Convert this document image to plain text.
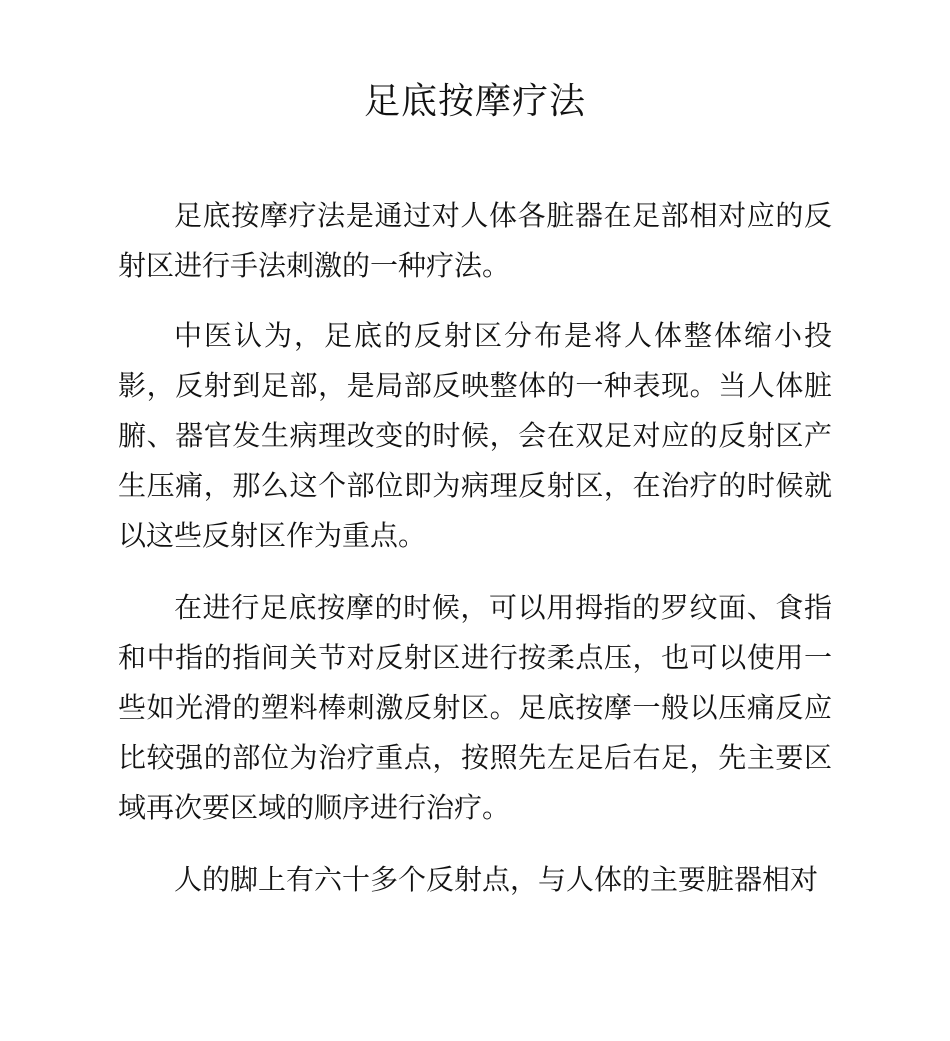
足底按摩疗法

足底按摩疗法是通过对人体各脏器在足部相对应的反射区进行手法刺激的一种疗法。

中医认为，足底的反射区分布是将人体整体缩小投影，反射到足部，是局部反映整体的一种表现。当人体脏腑、器官发生病理改变的时候，会在双足对应的反射区产生压痛，那么这个部位即为病理反射区，在治疗的时候就以这些反射区作为重点。

在进行足底按摩的时候，可以用拇指的罗纹面、食指和中指的指间关节对反射区进行按柔点压，也可以使用一些如光滑的塑料棒刺激反射区。足底按摩一般以压痛反应比较强的部位为治疗重点，按照先左足后右足，先主要区域再次要区域的顺序进行治疗。

人的脚上有六十多个反射点，与人体的主要脏器相对
